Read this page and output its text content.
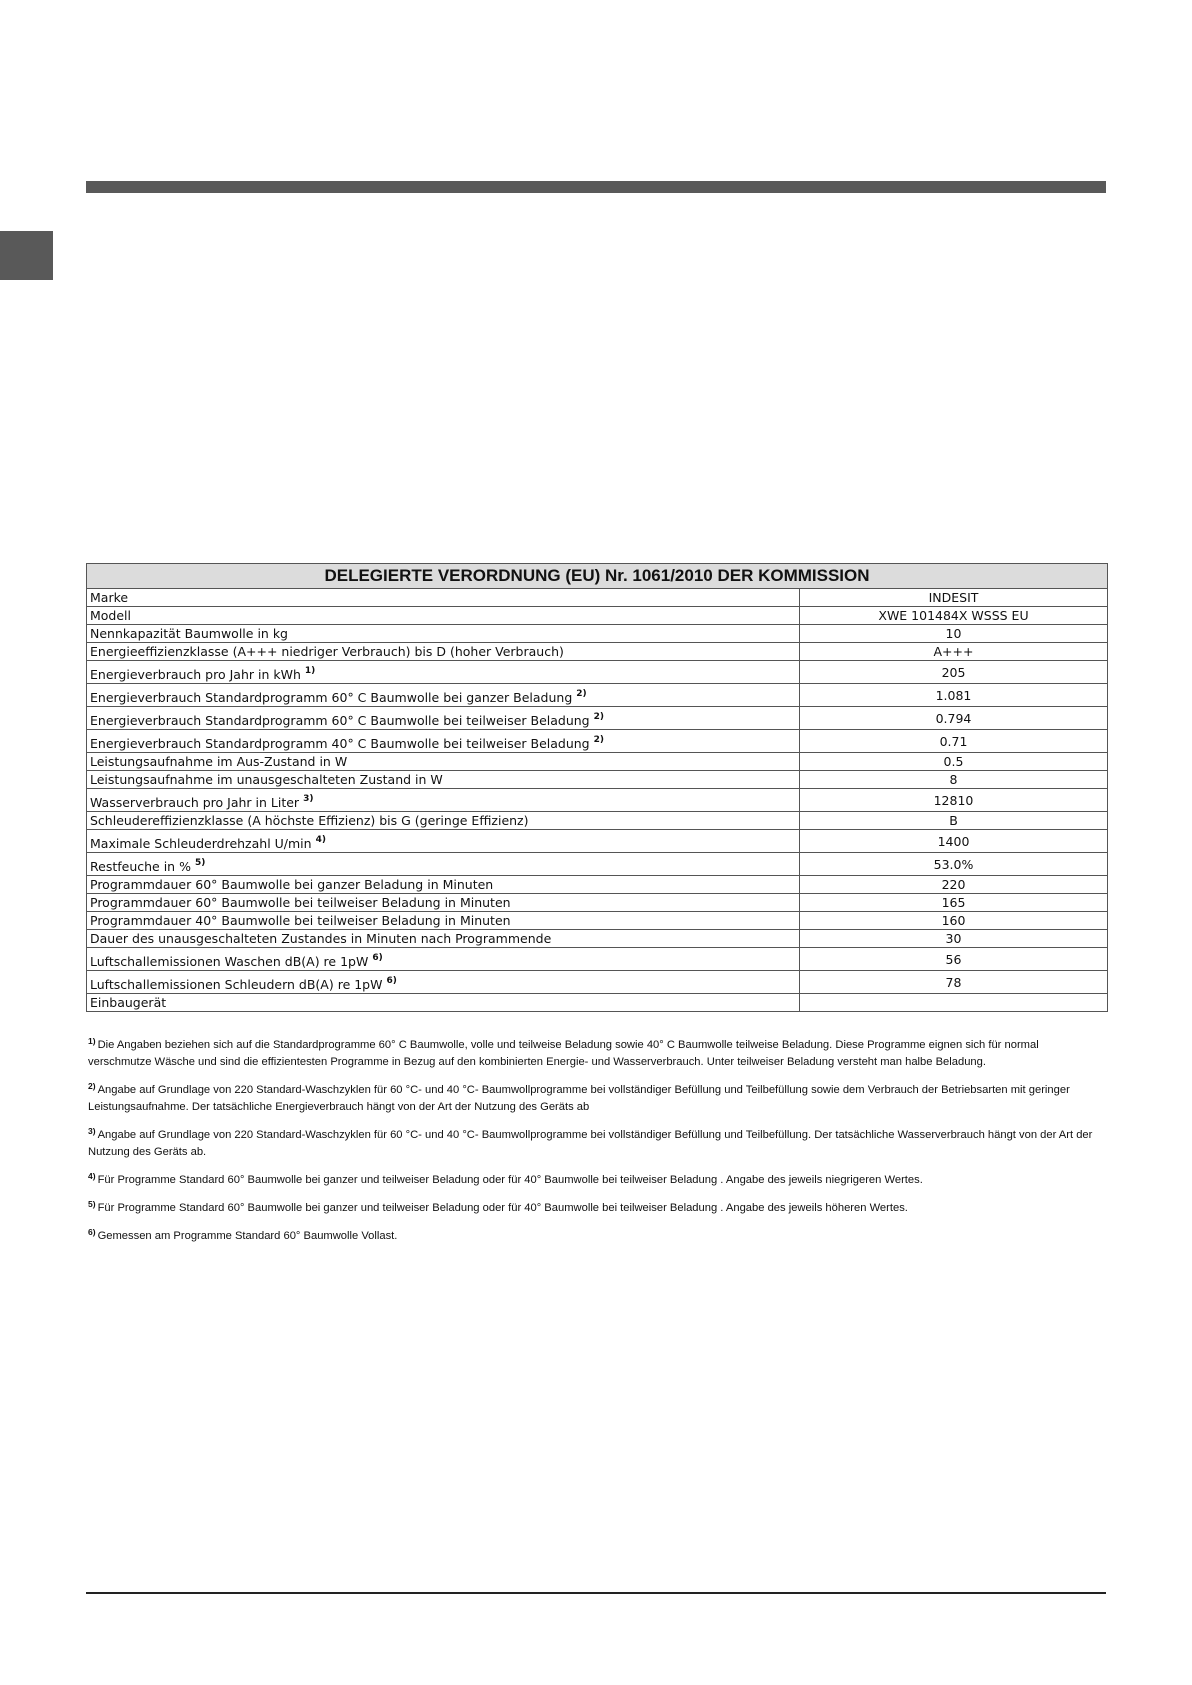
DELEGIERTE VERORDNUNG (EU) Nr. 1061/2010 DER KOMMISSION	
Marke	INDESIT
Modell	XWE 101484X WSSS EU
Nennkapazität Baumwolle in kg	10
Energieeffizienzklasse (A+++ niedriger Verbrauch) bis D (hoher Verbrauch)	A+++
Energieverbrauch pro Jahr in kWh $^{1)}$	205
Energieverbrauch Standardprogramm 60° C Baumwolle bei ganzer Beladung $^{2)}$	1.081
Energieverbrauch Standardprogramm 60° C Baumwolle bei teilweiser Beladung $^{2)}$	0.794
Energieverbrauch Standardprogramm 40° C Baumwolle bei teilweiser Beladung $^{2)}$	0.71
Leistungsaufnahme im Aus-Zustand in W	0.5
Leistungsaufnahme im unausgeschalteten Zustand in W	8
Wasserverbrauch pro Jahr in Liter $^{3)}$	12810
Schleudereffizienzklasse (A höchste Effizienz) bis G (geringe Effizienz)	B
Maximale Schleuderdrehzahl U/min $^{4)}$	1400
Restfeuche in % $^{5)}$	53.0%
Programmdauer 60° Baumwolle bei ganzer Beladung in Minuten	220
Programmdauer 60° Baumwolle bei teilweiser Beladung in Minuten	165
Programmdauer 40° Baumwolle bei teilweiser Beladung in Minuten	160
Dauer des unausgeschalteten Zustandes in Minuten nach Programmende	30
Luftschallemissionen Waschen dB(A) re 1pW $^{6)}$	56
Luftschallemissionen Schleudern dB(A) re 1pW $^{6)}$	78
Einbaugerät	

$^{1)}$ Die Angaben beziehen sich auf die Standardprogramme 60° C Baumwolle, volle und teilweise Beladung sowie 40° C Baumwolle teilweise Beladung. Diese Programme eignen sich für normal verschmutze Wäsche und sind die effizientesten Programme in Bezug auf den kombinierten Energie- und Wasserverbrauch. Unter teilweiser Beladung versteht man halbe Beladung.

$^{2)}$ Angabe auf Grundlage von 220 Standard-Waschzyklen für 60 °C- und 40 °C- Baumwollprogramme bei vollständiger Befüllung und Teilbefüllung sowie dem Verbrauch der Betriebsarten mit geringer Leistungsaufnahme. Der tatsächliche Energieverbrauch hängt von der Art der Nutzung des Geräts ab

$^{3)}$ Angabe auf Grundlage von 220 Standard-Waschzyklen für 60 °C- und 40 °C- Baumwollprogramme bei vollständiger Befüllung und Teilbefüllung. Der tatsächliche Wasserverbrauch hängt von der Art der Nutzung des Geräts ab.

$^{4)}$ Für Programme Standard 60° Baumwolle bei ganzer und teilweiser Beladung oder für 40° Baumwolle bei teilweiser Beladung . Angabe des jeweils niegrigeren Wertes.

$^{5)}$ Für Programme Standard 60° Baumwolle bei ganzer und teilweiser Beladung oder für 40° Baumwolle bei teilweiser Beladung . Angabe des jeweils höheren Wertes.

$^{6)}$ Gemessen am Programme Standard 60° Baumwolle Vollast.
